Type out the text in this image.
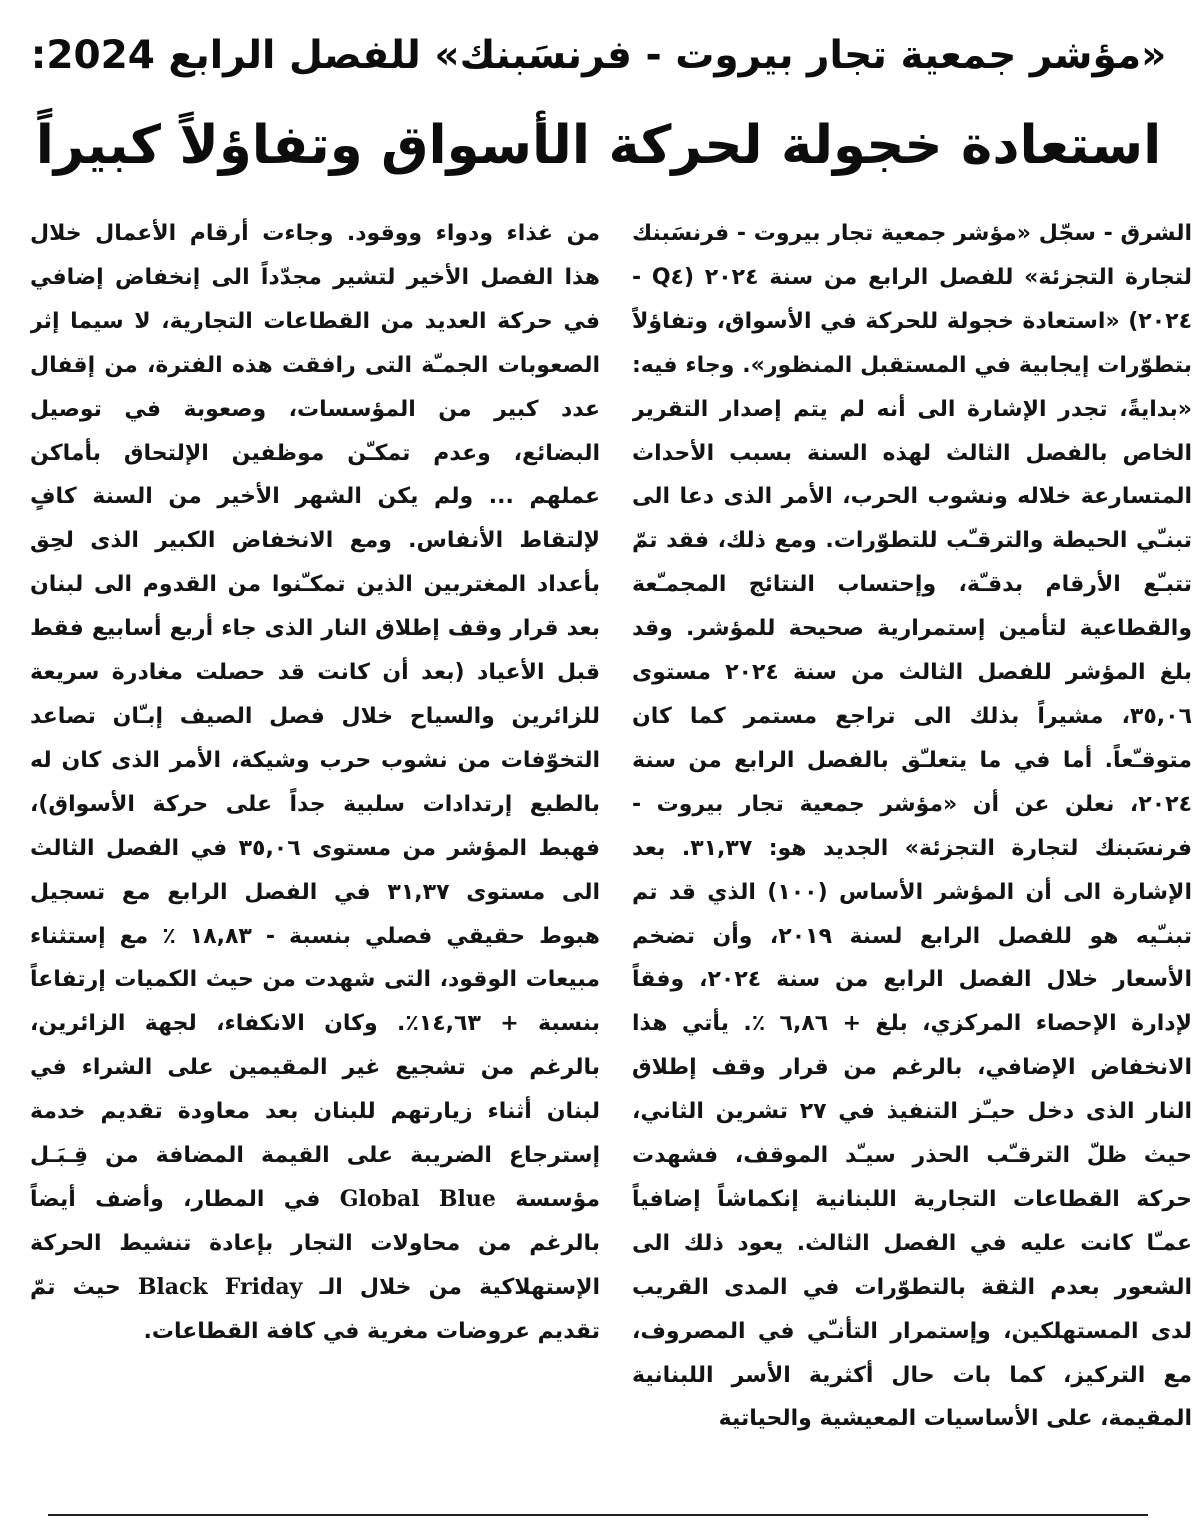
«مؤشر جمعية تجار بيروت - فرنسَبنك» للفصل الرابع 2024:
استعادة خجولة لحركة الأسواق وتفاؤلاً كبيراً
الشرق - سجّل «مؤشر جمعية تجار بيروت - فرنسَبنك لتجارة التجزئة» للفصل الرابع من سنة ٢٠٢٤ (Q٤ - ٢٠٢٤) «استعادة خجولة للحركة في الأسواق، وتفاؤلاً بتطوّرات إيجابية في المستقبل المنظور». وجاء فيه: «بدايةً، تجدر الإشارة الى أنه لم يتم إصدار التقرير الخاص بالفصل الثالث لهذه السنة بسبب الأحداث المتسارعة خلاله ونشوب الحرب، الأمر الذى دعا الى تبنـّي الحيطة والترقـّب للتطوّرات. ومع ذلك، فقد تمّ تتبـّع الأرقام بدقـّة، وإحتساب النتائج المجمـّعة والقطاعية لتأمين إستمرارية صحيحة للمؤشر. وقد بلغ المؤشر للفصل الثالث من سنة ٢٠٢٤ مستوى ٣٥,٠٦، مشيراً بذلك الى تراجع مستمر كما كان متوقـّعاً. أما في ما يتعلـّق بالفصل الرابع من سنة ٢٠٢٤، نعلن عن أن «مؤشر جمعية تجار بيروت - فرنسَبنك لتجارة التجزئة» الجديد هو: ٣١,٣٧. بعد الإشارة الى أن المؤشر الأساس (١٠٠) الذي قد تم تبنـّيه هو للفصل الرابع لسنة ٢٠١٩، وأن تضخم الأسعار خلال الفصل الرابع من سنة ٢٠٢٤، وفقاً لإدارة الإحصاء المركزي، بلغ + ٦,٨٦ ٪. يأتي هذا الانخفاض الإضافي، بالرغم من قرار وقف إطلاق النار الذى دخل حيـّز التنفيذ في ٢٧ تشرين الثاني، حيث ظلّ الترقـّب الحذر سيـّد الموقف، فشهدت حركة القطاعات التجارية اللبنانية إنكماشاً إضافياً عمـّا كانت عليه في الفصل الثالث. يعود ذلك الى الشعور بعدم الثقة بالتطوّرات في المدى القريب لدى المستهلكين، وإستمرار التأنـّي في المصروف، مع التركيز، كما بات حال أكثرية الأسر اللبنانية المقيمة، على الأساسيات المعيشية والحياتية
من غذاء ودواء ووقود. وجاءت أرقام الأعمال خلال هذا الفصل الأخير لتشير مجدّداً الى إنخفاض إضافي في حركة العديد من القطاعات التجارية، لا سيما إثر الصعوبات الجمـّة التى رافقت هذه الفترة، من إقفال عدد كبير من المؤسسات، وصعوبة في توصيل البضائع، وعدم تمكـّن موظفين الإلتحاق بأماكن عملهم ... ولم يكن الشهر الأخير من السنة كافٍ لإلتقاط الأنفاس. ومع الانخفاض الكبير الذى لحِق بأعداد المغتربين الذين تمكـّنوا من القدوم الى لبنان بعد قرار وقف إطلاق النار الذى جاء أربع أسابيع فقط قبل الأعياد (بعد أن كانت قد حصلت مغادرة سريعة للزائرين والسياح خلال فصل الصيف إبـّان تصاعد التخوّفات من نشوب حرب وشيكة، الأمر الذى كان له بالطبع إرتدادات سلبية جداً على حركة الأسواق)، فهبط المؤشر من مستوى ٣٥,٠٦ في الفصل الثالث الى مستوى ٣١,٣٧ في الفصل الرابع مع تسجيل هبوط حقيقي فصلي بنسبة - ١٨,٨٣ ٪ مع إستثناء مبيعات الوقود، التى شهدت من حيث الكميات إرتفاعاً بنسبة + ١٤,٦٣٪. وكان الانكفاء، لجهة الزائرين، بالرغم من تشجيع غير المقيمين على الشراء في لبنان أثناء زيارتهم للبنان بعد معاودة تقديم خدمة إسترجاع الضريبة على القيمة المضافة من قِـبَـل مؤسسة Global Blue في المطار، وأضف أيضاً بالرغم من محاولات التجار بإعادة تنشيط الحركة الإستهلاكية من خلال الـ Black Friday حيث تمّ تقديم عروضات مغرية في كافة القطاعات.
